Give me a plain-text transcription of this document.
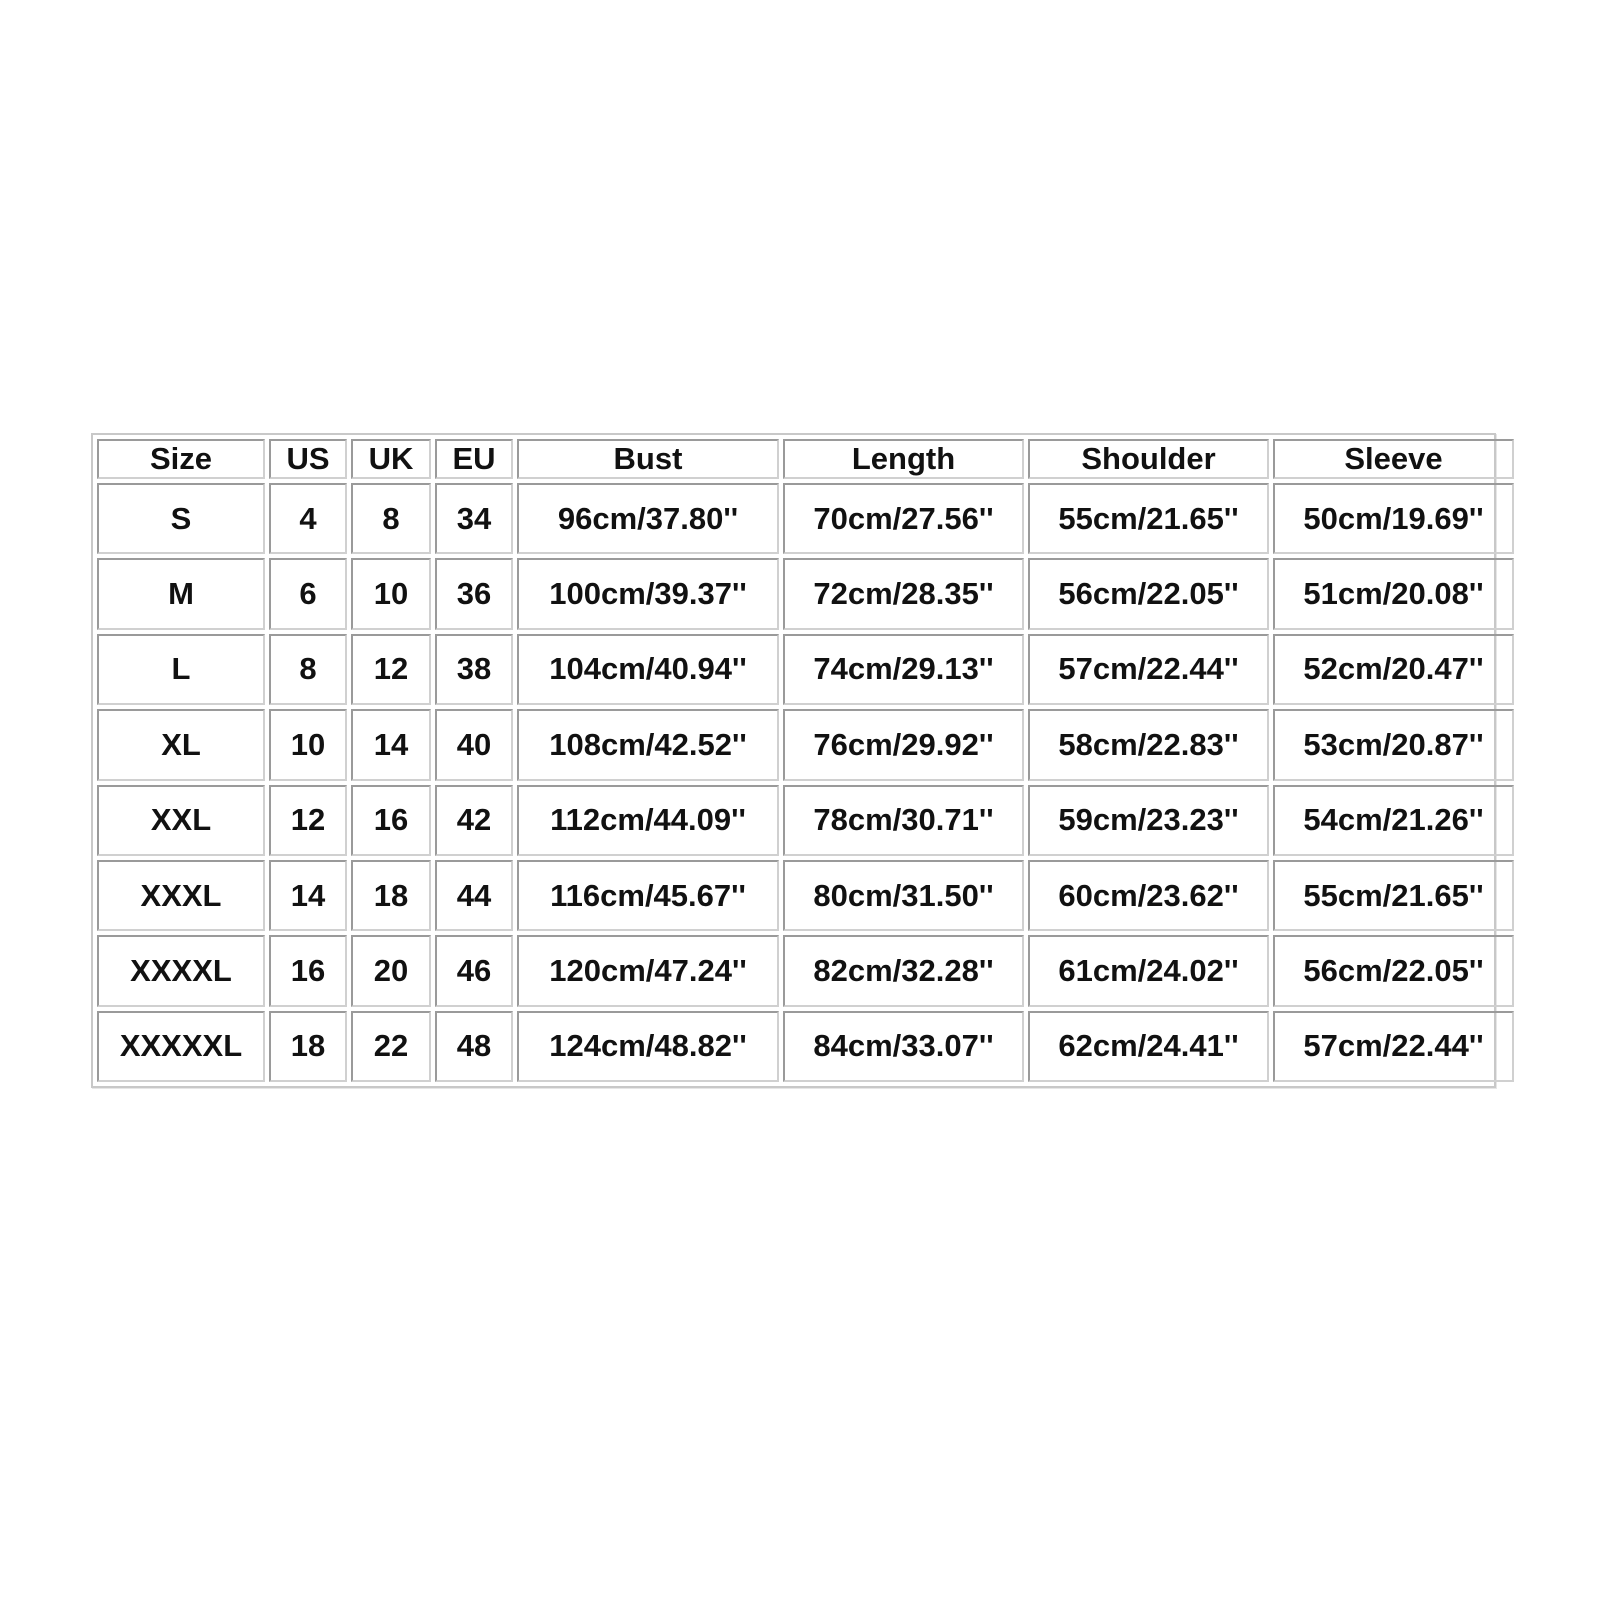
Size	US	UK	EU	Bust	Length	Shoulder	Sleeve
S	4	8	34	96cm/37.80''	70cm/27.56''	55cm/21.65''	50cm/19.69''
M	6	10	36	100cm/39.37''	72cm/28.35''	56cm/22.05''	51cm/20.08''
L	8	12	38	104cm/40.94''	74cm/29.13''	57cm/22.44''	52cm/20.47''
XL	10	14	40	108cm/42.52''	76cm/29.92''	58cm/22.83''	53cm/20.87''
XXL	12	16	42	112cm/44.09''	78cm/30.71''	59cm/23.23''	54cm/21.26''
XXXL	14	18	44	116cm/45.67''	80cm/31.50''	60cm/23.62''	55cm/21.65''
XXXXL	16	20	46	120cm/47.24''	82cm/32.28''	61cm/24.02''	56cm/22.05''
XXXXXL	18	22	48	124cm/48.82''	84cm/33.07''	62cm/24.41''	57cm/22.44''
